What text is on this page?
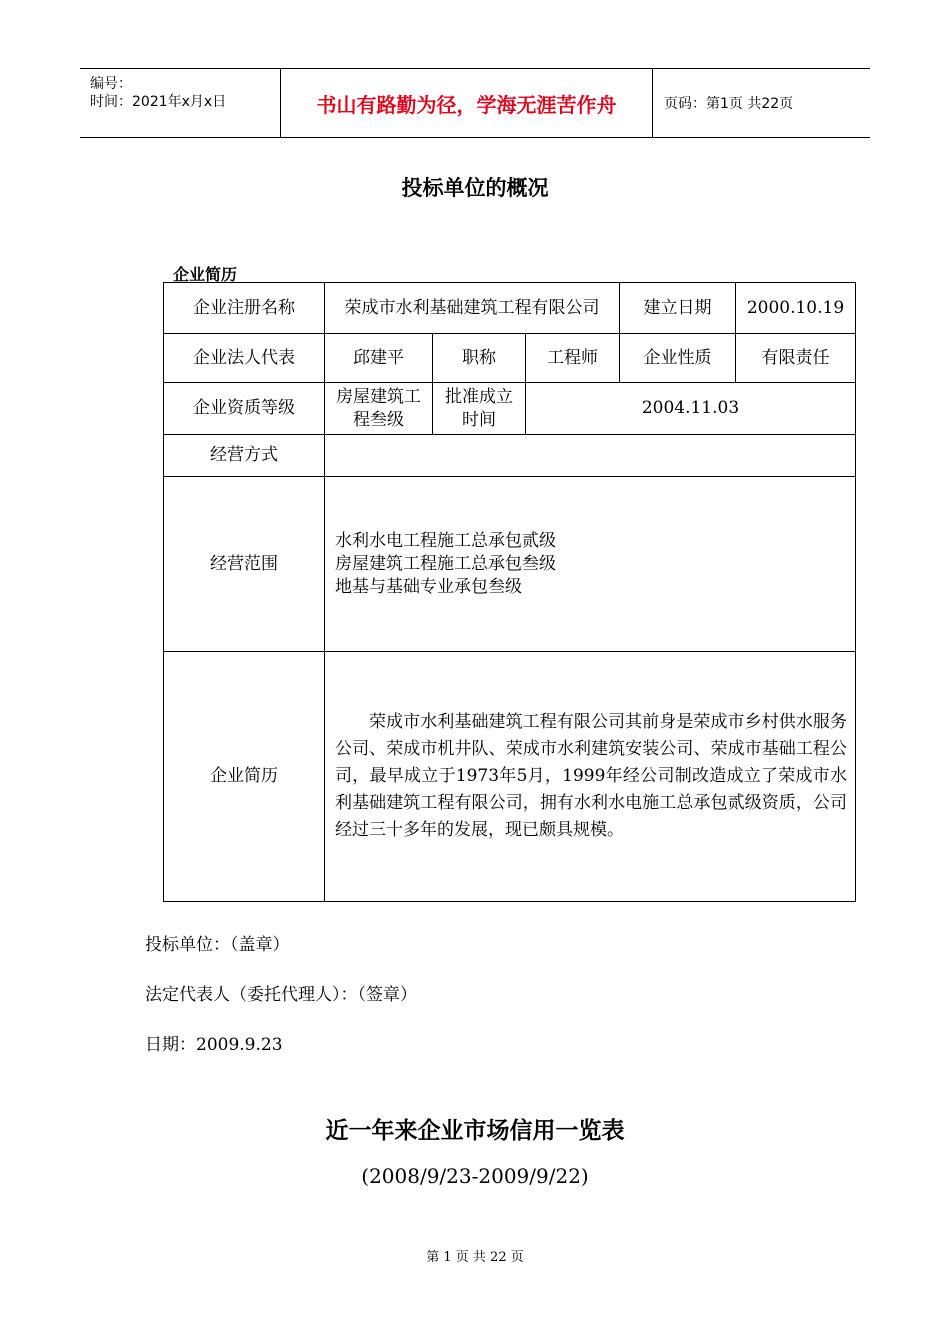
编号：
时间：2021年x月x日	书山有路勤为径，学海无涯苦作舟	页码：第1页 共22页
投标单位的概况
企业简历
企业注册名称	荣成市水利基础建筑工程有限公司			建立日期	2000.10.19
企业法人代表	邱建平	职称	工程师	企业性质	有限责任
企业资质等级	房屋建筑工程叁级	批准成立时间	2004.11.03		
经营方式					
经营范围	水利水电工程施工总承包贰级
房屋建筑工程施工总承包叁级
地基与基础专业承包叁级				

企业简历	荣成市水利基础建筑工程有限公司其前身是荣成市乡村供水服务公司、荣成市机井队、荣成市水利建筑安装公司、荣成市基础工程公司，最早成立于1973年5月，1999年经公司制改造成立了荣成市水利基础建筑工程有限公司，拥有水利水电施工总承包贰级资质，公司经过三十多年的发展，现已颇具规模。				
投标单位：（盖章）
法定代表人（委托代理人）：（签章）
日期：2009.9.23
近一年来企业市场信用一览表
(2008/9/23-2009/9/22)
第 1 页 共 22 页
